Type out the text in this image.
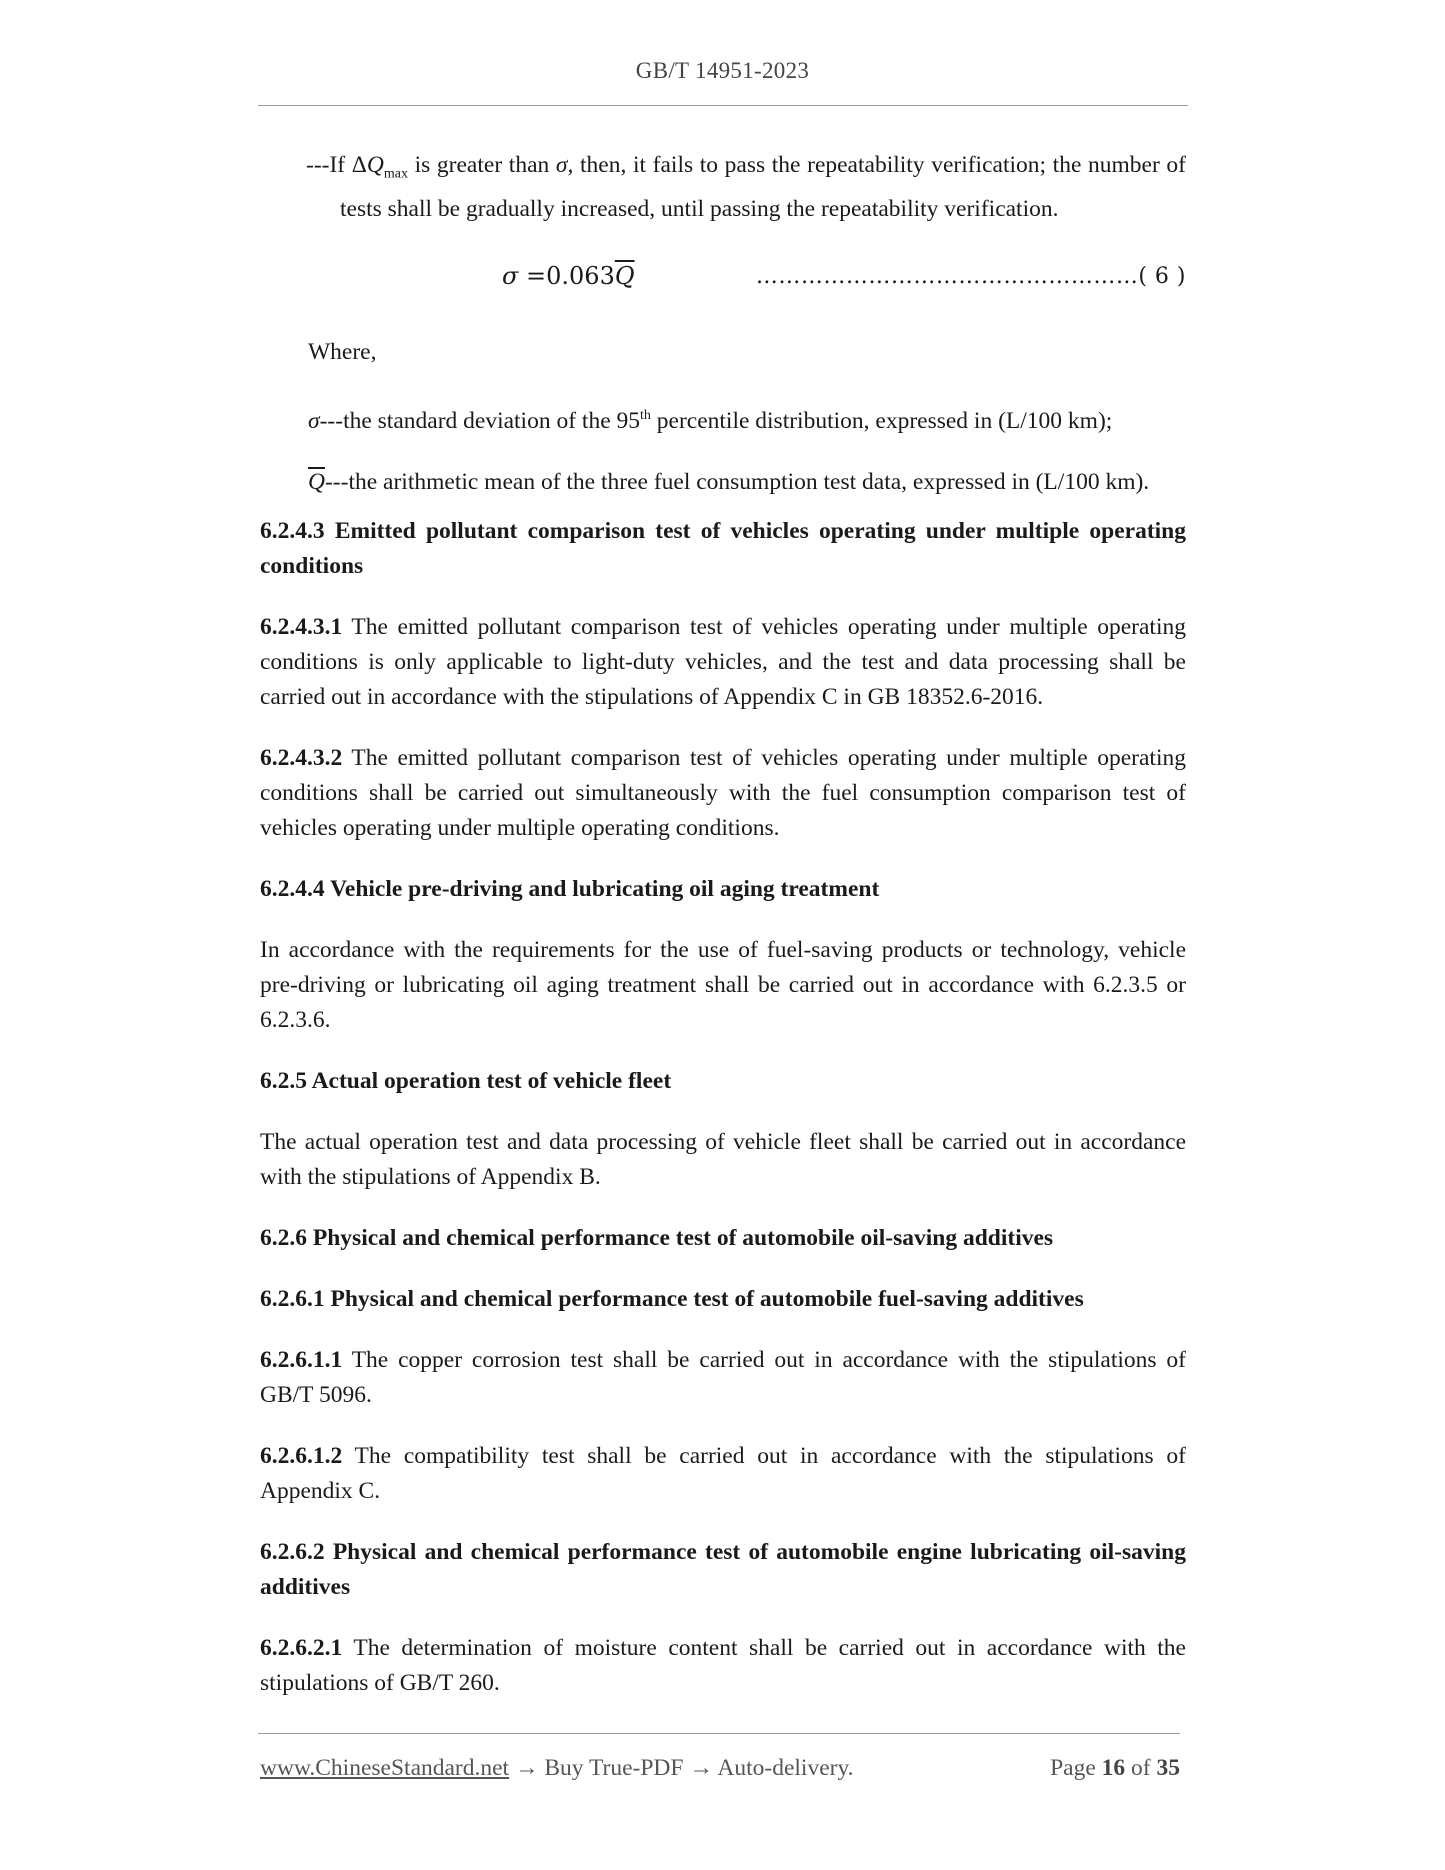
GB/T 14951-2023

---If $\Delta Q_{max}$ is greater than σ, then, it fails to pass the repeatability verification; the number of tests shall be gradually increased, until passing the repeatability verification.

$\sigma =0.063\overline{Q}$	……………………………………………( 6 )

Where,

σ---the standard deviation of the 95th percentile distribution, expressed in (L/100 km);

$\overline{Q}--$-the arithmetic mean of the three fuel consumption test data, expressed in (L/100 km).

6.2.4.3 Emitted pollutant comparison test of vehicles operating under multiple operating conditions

6.2.4.3.1 The emitted pollutant comparison test of vehicles operating under multiple operating conditions is only applicable to light-duty vehicles, and the test and data processing shall be carried out in accordance with the stipulations of Appendix C in GB 18352.6-2016.

6.2.4.3.2 The emitted pollutant comparison test of vehicles operating under multiple operating conditions shall be carried out simultaneously with the fuel consumption comparison test of vehicles operating under multiple operating conditions.

6.2.4.4 Vehicle pre-driving and lubricating oil aging treatment

In accordance with the requirements for the use of fuel-saving products or technology, vehicle pre-driving or lubricating oil aging treatment shall be carried out in accordance with 6.2.3.5 or 6.2.3.6.

6.2.5 Actual operation test of vehicle fleet

The actual operation test and data processing of vehicle fleet shall be carried out in accordance with the stipulations of Appendix B.

6.2.6 Physical and chemical performance test of automobile oil-saving additives

6.2.6.1 Physical and chemical performance test of automobile fuel-saving additives

6.2.6.1.1 The copper corrosion test shall be carried out in accordance with the stipulations of GB/T 5096.

6.2.6.1.2 The compatibility test shall be carried out in accordance with the stipulations of Appendix C.

6.2.6.2 Physical and chemical performance test of automobile engine lubricating oil-saving additives

6.2.6.2.1 The determination of moisture content shall be carried out in accordance with the stipulations of GB/T 260.

www.ChineseStandard.net → Buy True-PDF → Auto-delivery.	Page 16 of 35
